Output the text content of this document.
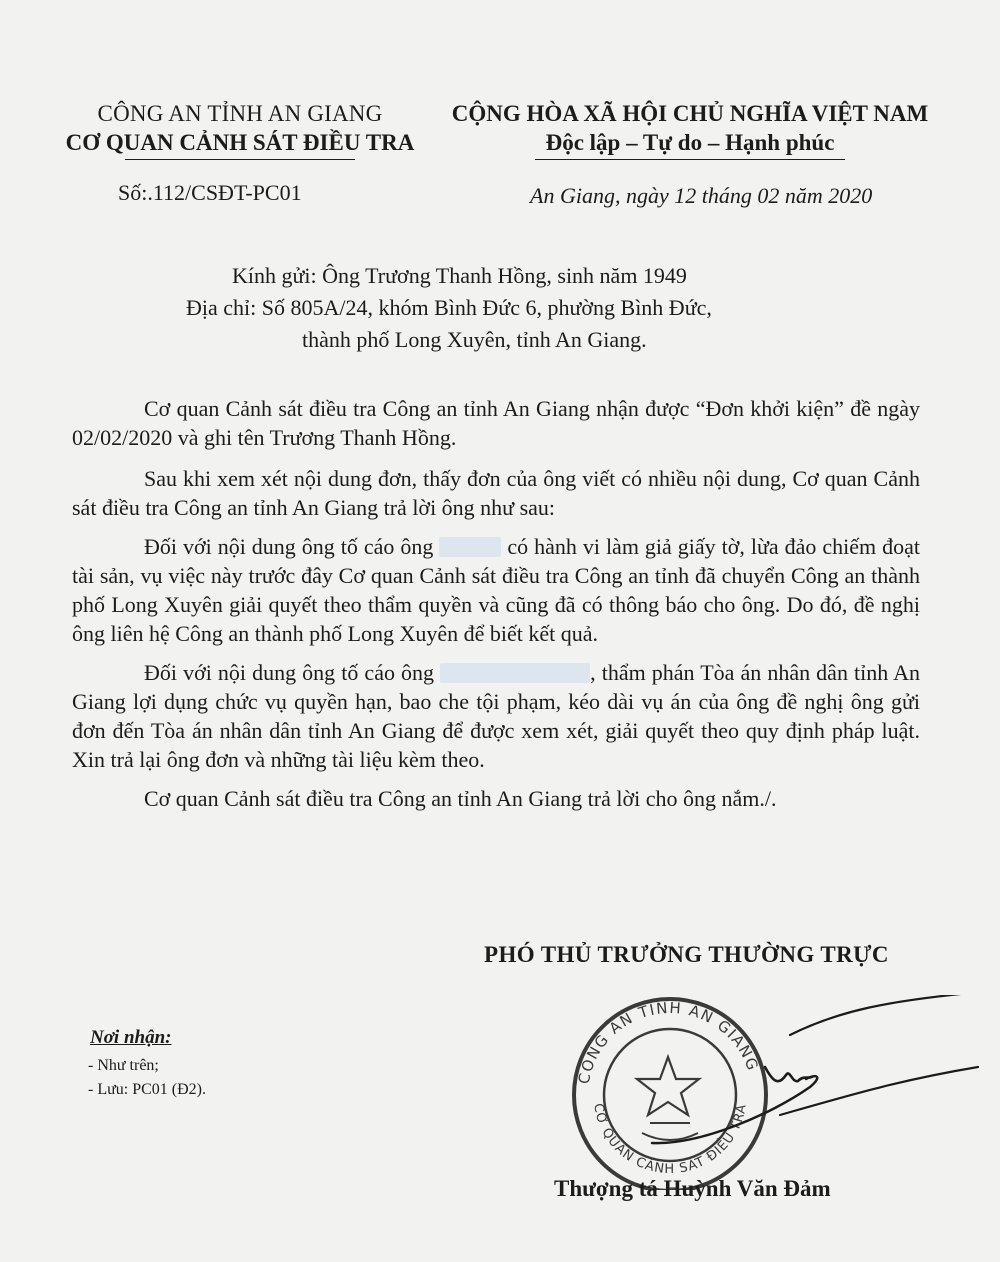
CÔNG AN TỈNH AN GIANG
CƠ QUAN CẢNH SÁT ĐIỀU TRA
CỘNG HÒA XÃ HỘI CHỦ NGHĨA VIỆT NAM
Độc lập – Tự do – Hạnh phúc
Số:.112/CSĐT-PC01	An Giang, ngày 12 tháng 02 năm 2020
Kính gửi: Ông Trương Thanh Hồng, sinh năm 1949
Địa chỉ: Số 805A/24, khóm Bình Đức 6, phường Bình Đức,
thành phố Long Xuyên, tỉnh An Giang.
Cơ quan Cảnh sát điều tra Công an tỉnh An Giang nhận được “Đơn khởi kiện” đề ngày 02/02/2020 và ghi tên Trương Thanh Hồng.
Sau khi xem xét nội dung đơn, thấy đơn của ông viết có nhiều nội dung, Cơ quan Cảnh sát điều tra Công an tỉnh An Giang trả lời ông như sau:
Đối với nội dung ông tố cáo ông	có hành vi làm giả giấy tờ, lừa đảo chiếm đoạt tài sản, vụ việc này trước đây Cơ quan Cảnh sát điều tra Công an tỉnh đã chuyển Công an thành phố Long Xuyên giải quyết theo thẩm quyền và cũng đã có thông báo cho ông. Do đó, đề nghị ông liên hệ Công an thành phố Long Xuyên để biết kết quả.
Đối với nội dung ông tố cáo ông	, thẩm phán Tòa án nhân dân tỉnh An Giang lợi dụng chức vụ quyền hạn, bao che tội phạm, kéo dài vụ án của ông đề nghị ông gửi đơn đến Tòa án nhân dân tỉnh An Giang để được xem xét, giải quyết theo quy định pháp luật. Xin trả lại ông đơn và những tài liệu kèm theo.
Cơ quan Cảnh sát điều tra Công an tỉnh An Giang trả lời cho ông nắm./.
PHÓ THỦ TRƯỞNG THƯỜNG TRỰC
Nơi nhận:
- Như trên;
- Lưu: PC01 (Đ2).
CÔNG AN TỈNH AN GIANG
CƠ QUAN CẢNH SÁT ĐIỀU TRA
Thượng tá Huỳnh Văn Đảm
